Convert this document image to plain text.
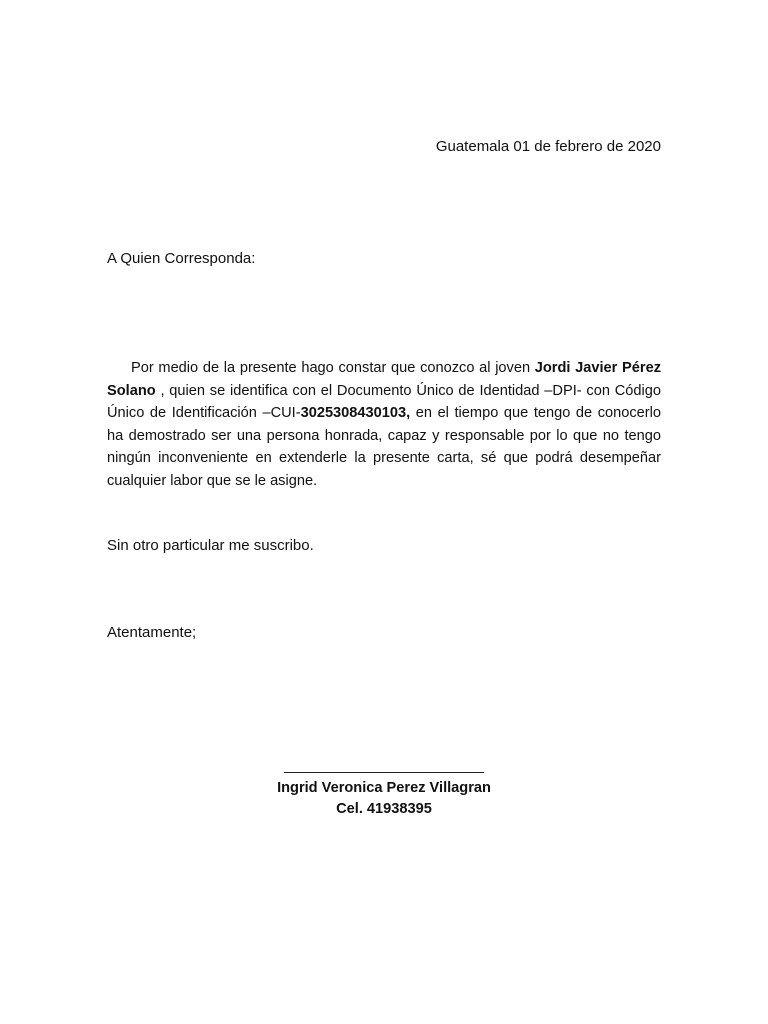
Guatemala 01 de febrero de 2020
A Quien Corresponda:

Por medio de la presente hago constar que conozco al joven Jordi Javier Pérez Solano , quien se identifica con el Documento Único de Identidad –DPI- con Código Único de Identificación –CUI-3025308430103, en el tiempo que tengo de conocerlo ha demostrado ser una persona honrada, capaz y responsable por lo que no tengo ningún inconveniente en extenderle la presente carta, sé que podrá desempeñar cualquier labor que se le asigne.

Sin otro particular me suscribo.
Atentamente;
Ingrid Veronica Perez Villagran
Cel. 41938395
